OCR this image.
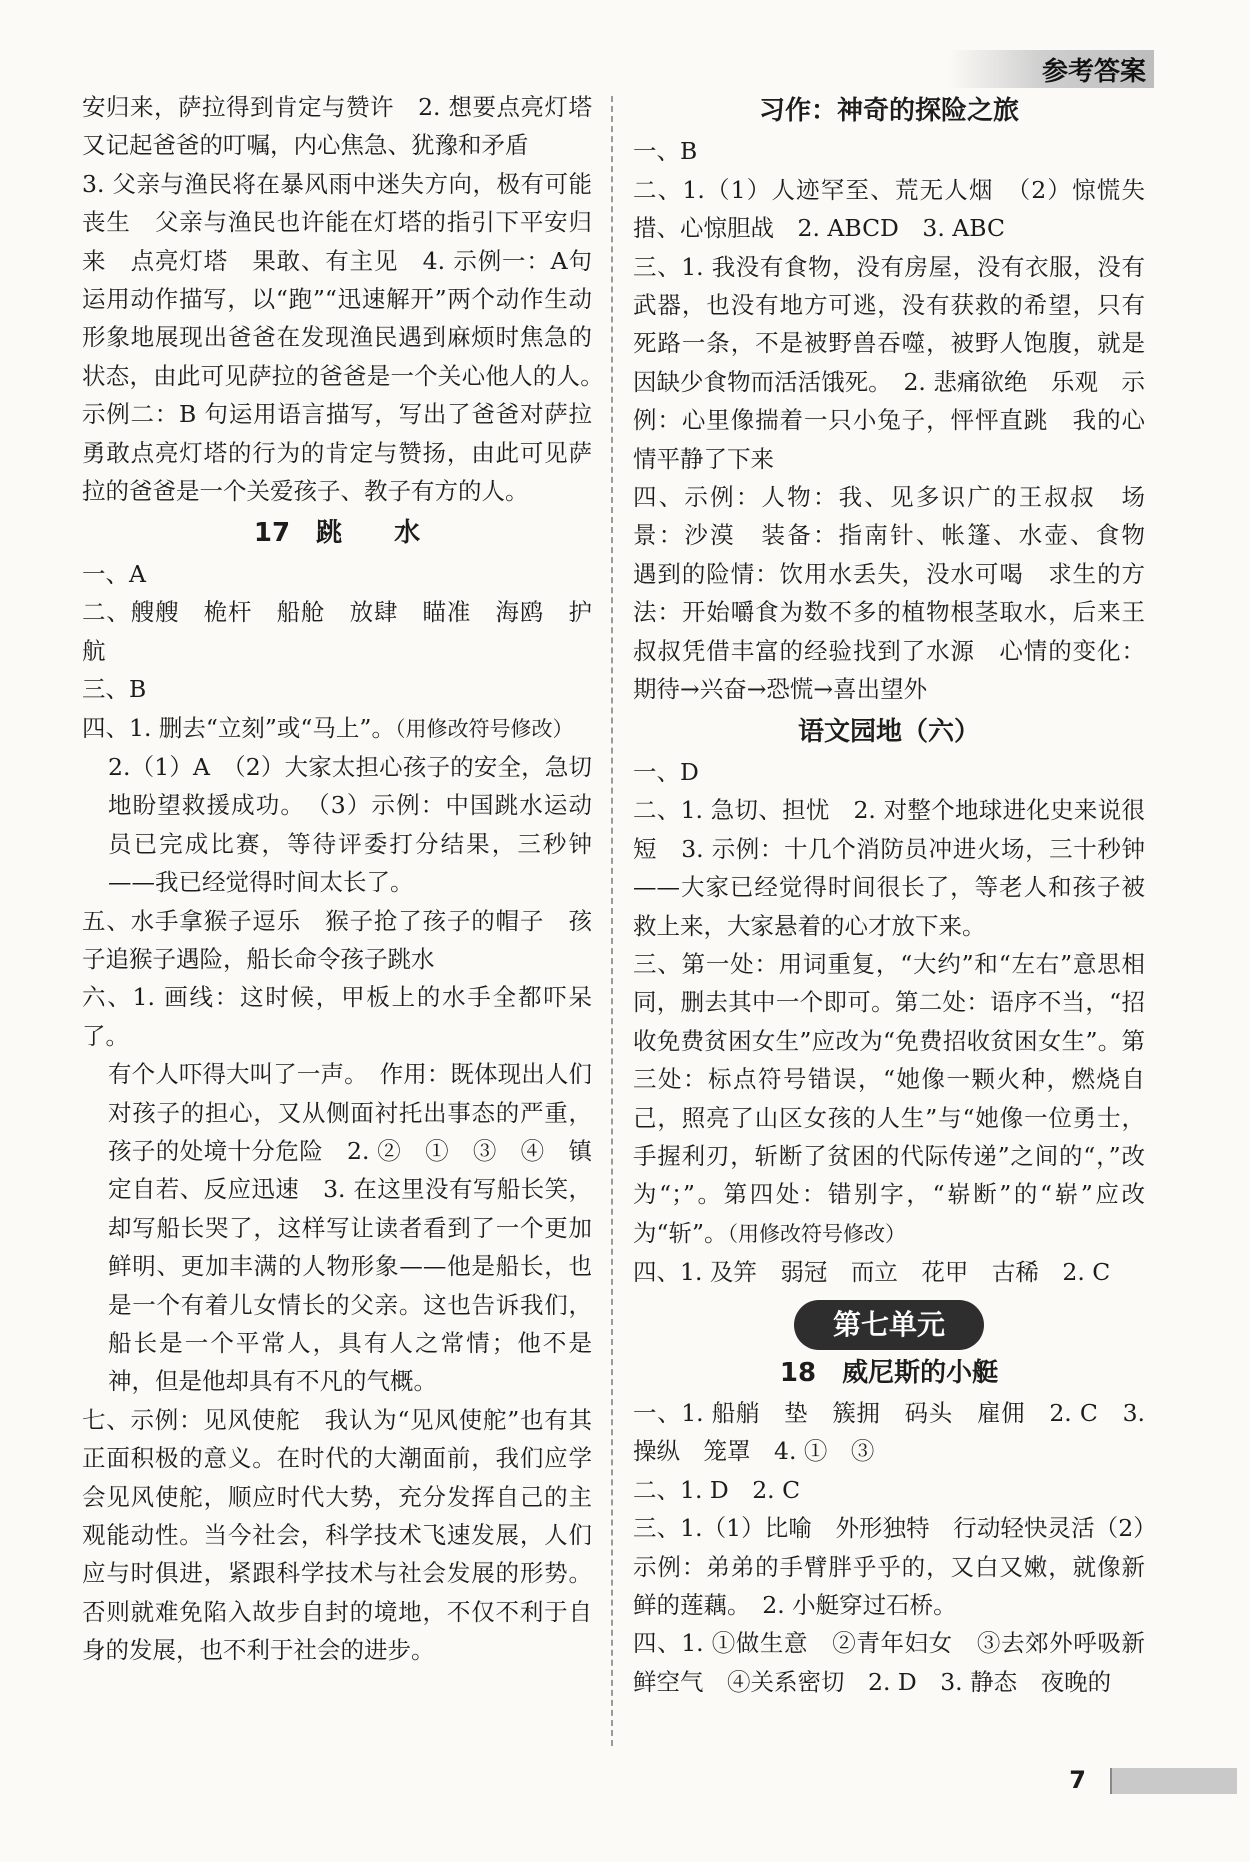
参考答案

安归来，萨拉得到肯定与赞许　2. 想要点亮灯塔又记起爸爸的叮嘱，内心焦急、犹豫和矛盾

3. 父亲与渔民将在暴风雨中迷失方向，极有可能丧生　父亲与渔民也许能在灯塔的指引下平安归来　点亮灯塔　果敢、有主见　4. 示例一：A句运用动作描写，以“跑”“迅速解开”两个动作生动形象地展现出爸爸在发现渔民遇到麻烦时焦急的状态，由此可见萨拉的爸爸是一个关心他人的人。　示例二：B 句运用语言描写，写出了爸爸对萨拉勇敢点亮灯塔的行为的肯定与赞扬，由此可见萨拉的爸爸是一个关爱孩子、教子有方的人。

17　跳　　水

一、A

二、艘艘　桅杆　船舱　放肆　瞄准　海鸥　护航

三、B

四、1. 删去“立刻”或“马上”。（用修改符号修改）

2.（1）A　（2）大家太担心孩子的安全，急切地盼望救援成功。　（3）示例：中国跳水运动员已完成比赛，等待评委打分结果，三秒钟——我已经觉得时间太长了。

五、水手拿猴子逗乐　猴子抢了孩子的帽子　孩子追猴子遇险，船长命令孩子跳水

六、1. 画线：这时候，甲板上的水手全都吓呆了。

有个人吓得大叫了一声。　作用：既体现出人们对孩子的担心，又从侧面衬托出事态的严重，孩子的处境十分危险　2. ②　①　③　④　镇定自若、反应迅速　3. 在这里没有写船长笑，却写船长哭了，这样写让读者看到了一个更加鲜明、更加丰满的人物形象——他是船长，也是一个有着儿女情长的父亲。这也告诉我们，船长是一个平常人，具有人之常情；他不是神，但是他却具有不凡的气概。

七、示例：见风使舵　我认为“见风使舵”也有其正面积极的意义。在时代的大潮面前，我们应学会见风使舵，顺应时代大势，充分发挥自己的主观能动性。当今社会，科学技术飞速发展，人们应与时俱进，紧跟科学技术与社会发展的形势。否则就难免陷入故步自封的境地，不仅不利于自身的发展，也不利于社会的进步。

习作：神奇的探险之旅

一、B

二、1.（1）人迹罕至、荒无人烟　（2）惊慌失措、心惊胆战　2. ABCD　3. ABC

三、1. 我没有食物，没有房屋，没有衣服，没有武器，也没有地方可逃，没有获救的希望，只有死路一条，不是被野兽吞噬，被野人饱腹，就是因缺少食物而活活饿死。　2. 悲痛欲绝　乐观　示例：心里像揣着一只小兔子，怦怦直跳　我的心情平静了下来

四、示例：人物：我、见多识广的王叔叔　场景：沙漠　装备：指南针、帐篷、水壶、食物　遇到的险情：饮用水丢失，没水可喝　求生的方法：开始嚼食为数不多的植物根茎取水，后来王叔叔凭借丰富的经验找到了水源　心情的变化：期待→兴奋→恐慌→喜出望外

语文园地（六）

一、D

二、1. 急切、担忧　2. 对整个地球进化史来说很短　3. 示例：十几个消防员冲进火场，三十秒钟——大家已经觉得时间很长了，等老人和孩子被救上来，大家悬着的心才放下来。

三、第一处：用词重复，“大约”和“左右”意思相同，删去其中一个即可。第二处：语序不当，“招收免费贫困女生”应改为“免费招收贫困女生”。第三处：标点符号错误，“她像一颗火种，燃烧自己，照亮了山区女孩的人生”与“她像一位勇士，手握利刃，斩断了贫困的代际传递”之间的“，”改为“；”。第四处：错别字，“崭断”的“崭”应改为“斩”。（用修改符号修改）

四、1. 及笄　弱冠　而立　花甲　古稀　2. C

第七单元
18　威尼斯的小艇

一、1. 船艄　垫　簇拥　码头　雇佣　2. C　3. 操纵　笼罩　4. ①　③

二、1. D　2. C

三、1.（1）比喻　外形独特　行动轻快灵活（2）示例：弟弟的手臂胖乎乎的，又白又嫩，就像新鲜的莲藕。　2. 小艇穿过石桥。

四、1. ①做生意　②青年妇女　③去郊外呼吸新鲜空气　④关系密切　2. D　3. 静态　夜晚的

7
